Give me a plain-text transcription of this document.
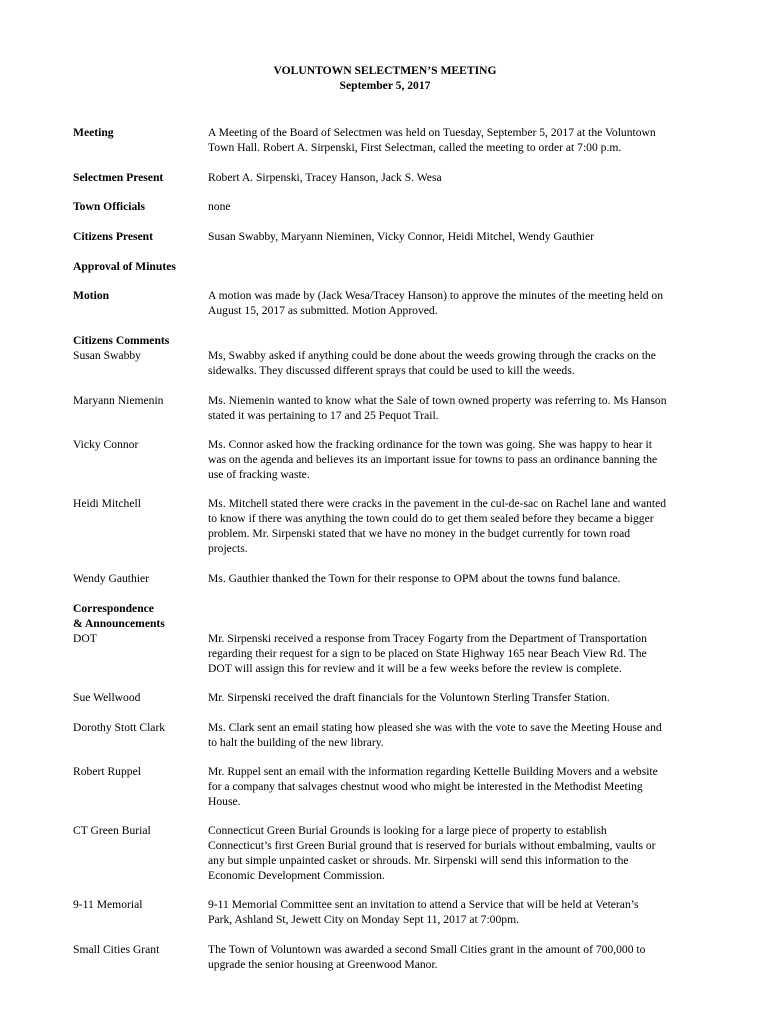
VOLUNTOWN SELECTMEN’S MEETING
September 5, 2017
Meeting	A Meeting of the Board of Selectmen was held on Tuesday, September 5, 2017 at the Voluntown
Town Hall. Robert A. Sirpenski, First Selectman, called the meeting to order at 7:00 p.m.
Selectmen Present	Robert A. Sirpenski, Tracey Hanson, Jack S. Wesa
Town Officials	none
Citizens Present	Susan Swabby, Maryann Nieminen, Vicky Connor, Heidi Mitchel, Wendy Gauthier
Approval of Minutes
Motion	A motion was made by (Jack Wesa/Tracey Hanson) to approve the minutes of the meeting held on
August 15, 2017 as submitted. Motion Approved.
Citizens Comments
Susan Swabby	Ms, Swabby asked if anything could be done about the weeds growing through the cracks on the
sidewalks. They discussed different sprays that could be used to kill the weeds.
Maryann Niemenin	Ms. Niemenin wanted to know what the Sale of town owned property was referring to. Ms Hanson
stated it was pertaining to 17 and 25 Pequot Trail.
Vicky Connor	Ms. Connor asked how the fracking ordinance for the town was going. She was happy to hear it
was on the agenda and believes its an important issue for towns to pass an ordinance banning the
use of fracking waste.
Heidi Mitchell	Ms. Mitchell stated there were cracks in the pavement in the cul-de-sac on Rachel lane and wanted
to know if there was anything the town could do to get them sealed before they became a bigger
problem. Mr. Sirpenski stated that we have no money in the budget currently for town road
projects.
Wendy Gauthier	Ms. Gauthier thanked the Town for their response to OPM about the towns fund balance.
Correspondence
& Announcements
DOT	Mr. Sirpenski received a response from Tracey Fogarty from the Department of Transportation
regarding their request for a sign to be placed on State Highway 165 near Beach View Rd. The
DOT will assign this for review and it will be a few weeks before the review is complete.
Sue Wellwood	Mr. Sirpenski received the draft financials for the Voluntown Sterling Transfer Station.
Dorothy Stott Clark	Ms. Clark sent an email stating how pleased she was with the vote to save the Meeting House and
to halt the building of the new library.
Robert Ruppel	Mr. Ruppel sent an email with the information regarding Kettelle Building Movers and a website
for a company that salvages chestnut wood who might be interested in the Methodist Meeting
House.
CT Green Burial	Connecticut Green Burial Grounds is looking for a large piece of property to establish
Connecticut’s first Green Burial ground that is reserved for burials without embalming, vaults or
any but simple unpainted casket or shrouds. Mr. Sirpenski will send this information to the
Economic Development Commission.
9-11 Memorial	9-11 Memorial Committee sent an invitation to attend a Service that will be held at Veteran’s
Park, Ashland St, Jewett City on Monday Sept 11, 2017 at 7:00pm.
Small Cities Grant	The Town of Voluntown was awarded a second Small Cities grant in the amount of 700,000 to
upgrade the senior housing at Greenwood Manor.
